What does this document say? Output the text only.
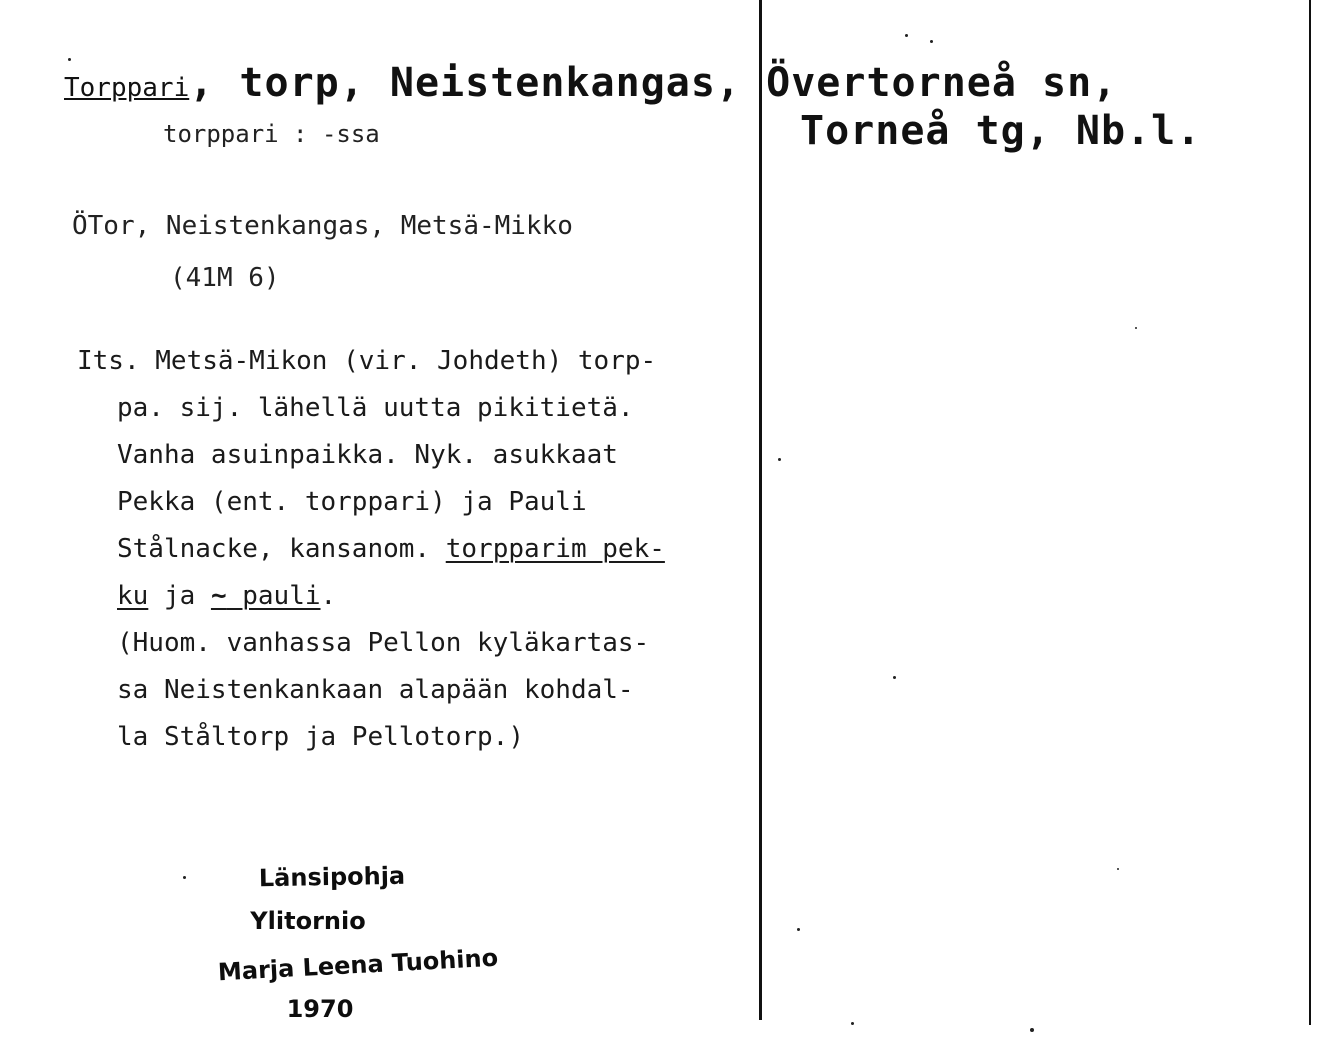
Torppari, torp, Neistenkangas, Övertorneå sn,
Torneå tg, Nb.l.
torppari : -ssa
ÖTor, Neistenkangas, Metsä-Mikko
(41M 6)
Its. Metsä-Mikon (vir. Johdeth) torp-
pa. sij. lähellä uutta pikitietä.
Vanha asuinpaikka. Nyk. asukkaat
Pekka (ent. torppari) ja Pauli
Stålnacke, kansanom. torpparim pek-
ku ja ~ pauli.
(Huom. vanhassa Pellon kyläkartas-
sa Neistenkankaan alapään kohdal-
la Ståltorp ja Pellotorp.)
Länsipohja
Ylitornio
Marja Leena Tuohino
1970
